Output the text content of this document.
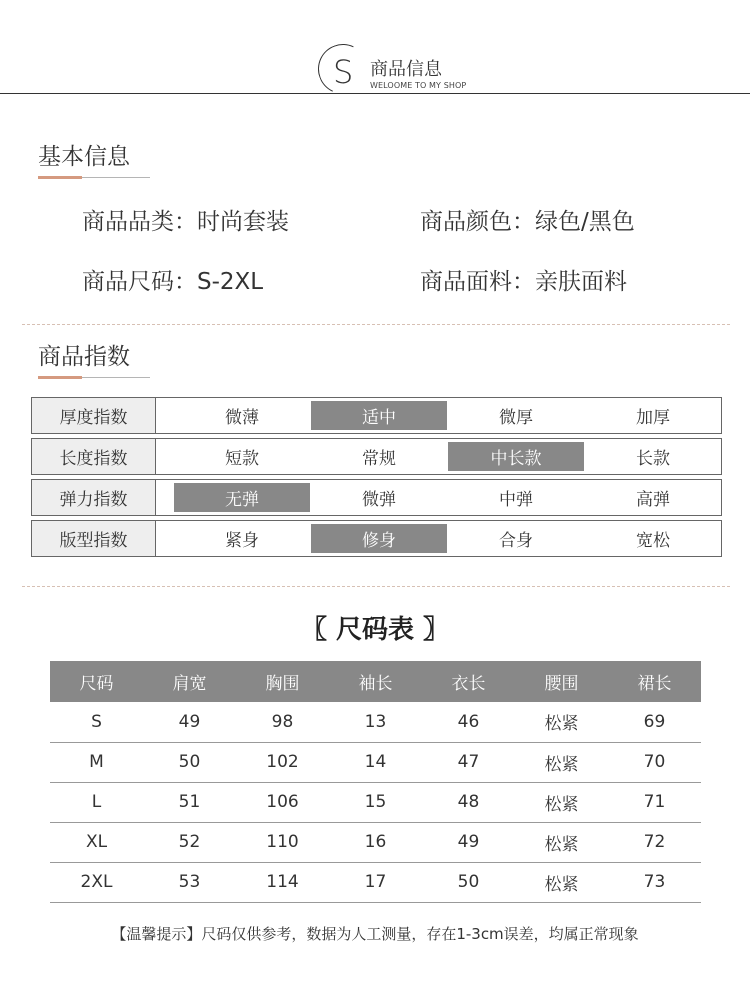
S 商品信息
WELOOME TO MY SHOP
基本信息
商品品类：时尚套装	商品颜色：绿色/黑色
商品尺码：S-2XL	商品面料：亲肤面料
商品指数
厚度指数	微薄	适中	微厚	加厚
长度指数	短款	常规	中长款	长款
弹力指数	无弹	微弹	中弹	高弹
版型指数	紧身	修身	合身	宽松
〖 尺码表 〗
尺码	肩宽	胸围	袖长	衣长	腰围	裙长
S	49	98	13	46	松紧	69
M	50	102	14	47	松紧	70
L	51	106	15	48	松紧	71
XL	52	110	16	49	松紧	72
2XL	53	114	17	50	松紧	73
【温馨提示】尺码仅供参考，数据为人工测量，存在1-3cm误差，均属正常现象
